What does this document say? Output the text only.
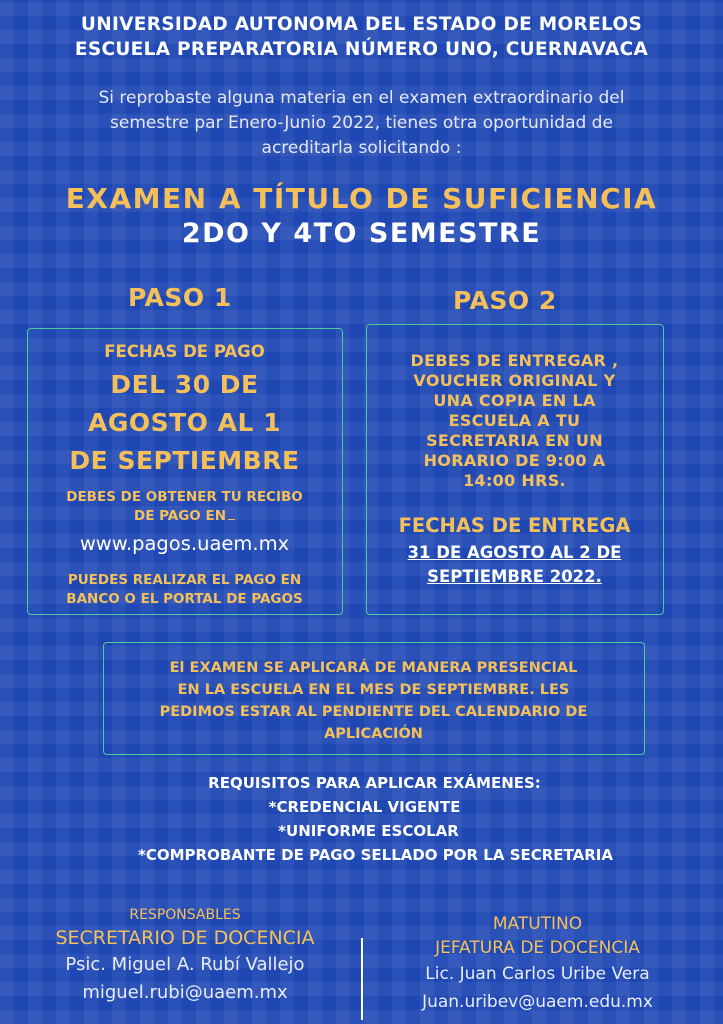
UNIVERSIDAD AUTONOMA DEL ESTADO DE MORELOS
ESCUELA PREPARATORIA NÚMERO UNO, CUERNAVACA
Si reprobaste alguna materia en el examen extraordinario del
semestre par Enero-Junio 2022, tienes otra oportunidad de
acreditarla solicitando :
EXAMEN A TÍTULO DE SUFICIENCIA
2DO Y 4TO SEMESTRE
PASO 1	PASO 2
FECHAS DE PAGO
DEL 30 DE
AGOSTO AL 1
DE SEPTIEMBRE
DEBES DE OBTENER TU RECIBO
DE PAGO EN
www.pagos.uaem.mx
PUEDES REALIZAR EL PAGO EN
BANCO O EL PORTAL DE PAGOS
DEBES DE ENTREGAR ,
VOUCHER ORIGINAL Y
UNA COPIA EN LA
ESCUELA A TU
SECRETARIA EN UN
HORARIO DE 9:00 A
14:00 HRS.
FECHAS DE ENTREGA
31 DE AGOSTO AL 2 DE
SEPTIEMBRE 2022.
El EXAMEN SE APLICARÁ DE MANERA PRESENCIAL
EN LA ESCUELA EN EL MES DE SEPTIEMBRE. LES
PEDIMOS ESTAR AL PENDIENTE DEL CALENDARIO DE
APLICACIÓN
REQUISITOS PARA APLICAR EXÁMENES:
*CREDENCIAL VIGENTE
*UNIFORME ESCOLAR
*COMPROBANTE DE PAGO SELLADO POR LA SECRETARIA
RESPONSABLES
SECRETARIO DE DOCENCIA
Psic. Miguel A. Rubí Vallejo
miguel.rubi@uaem.mx
MATUTINO
JEFATURA DE DOCENCIA
Lic. Juan Carlos Uribe Vera
Juan.uribev@uaem.edu.mx
